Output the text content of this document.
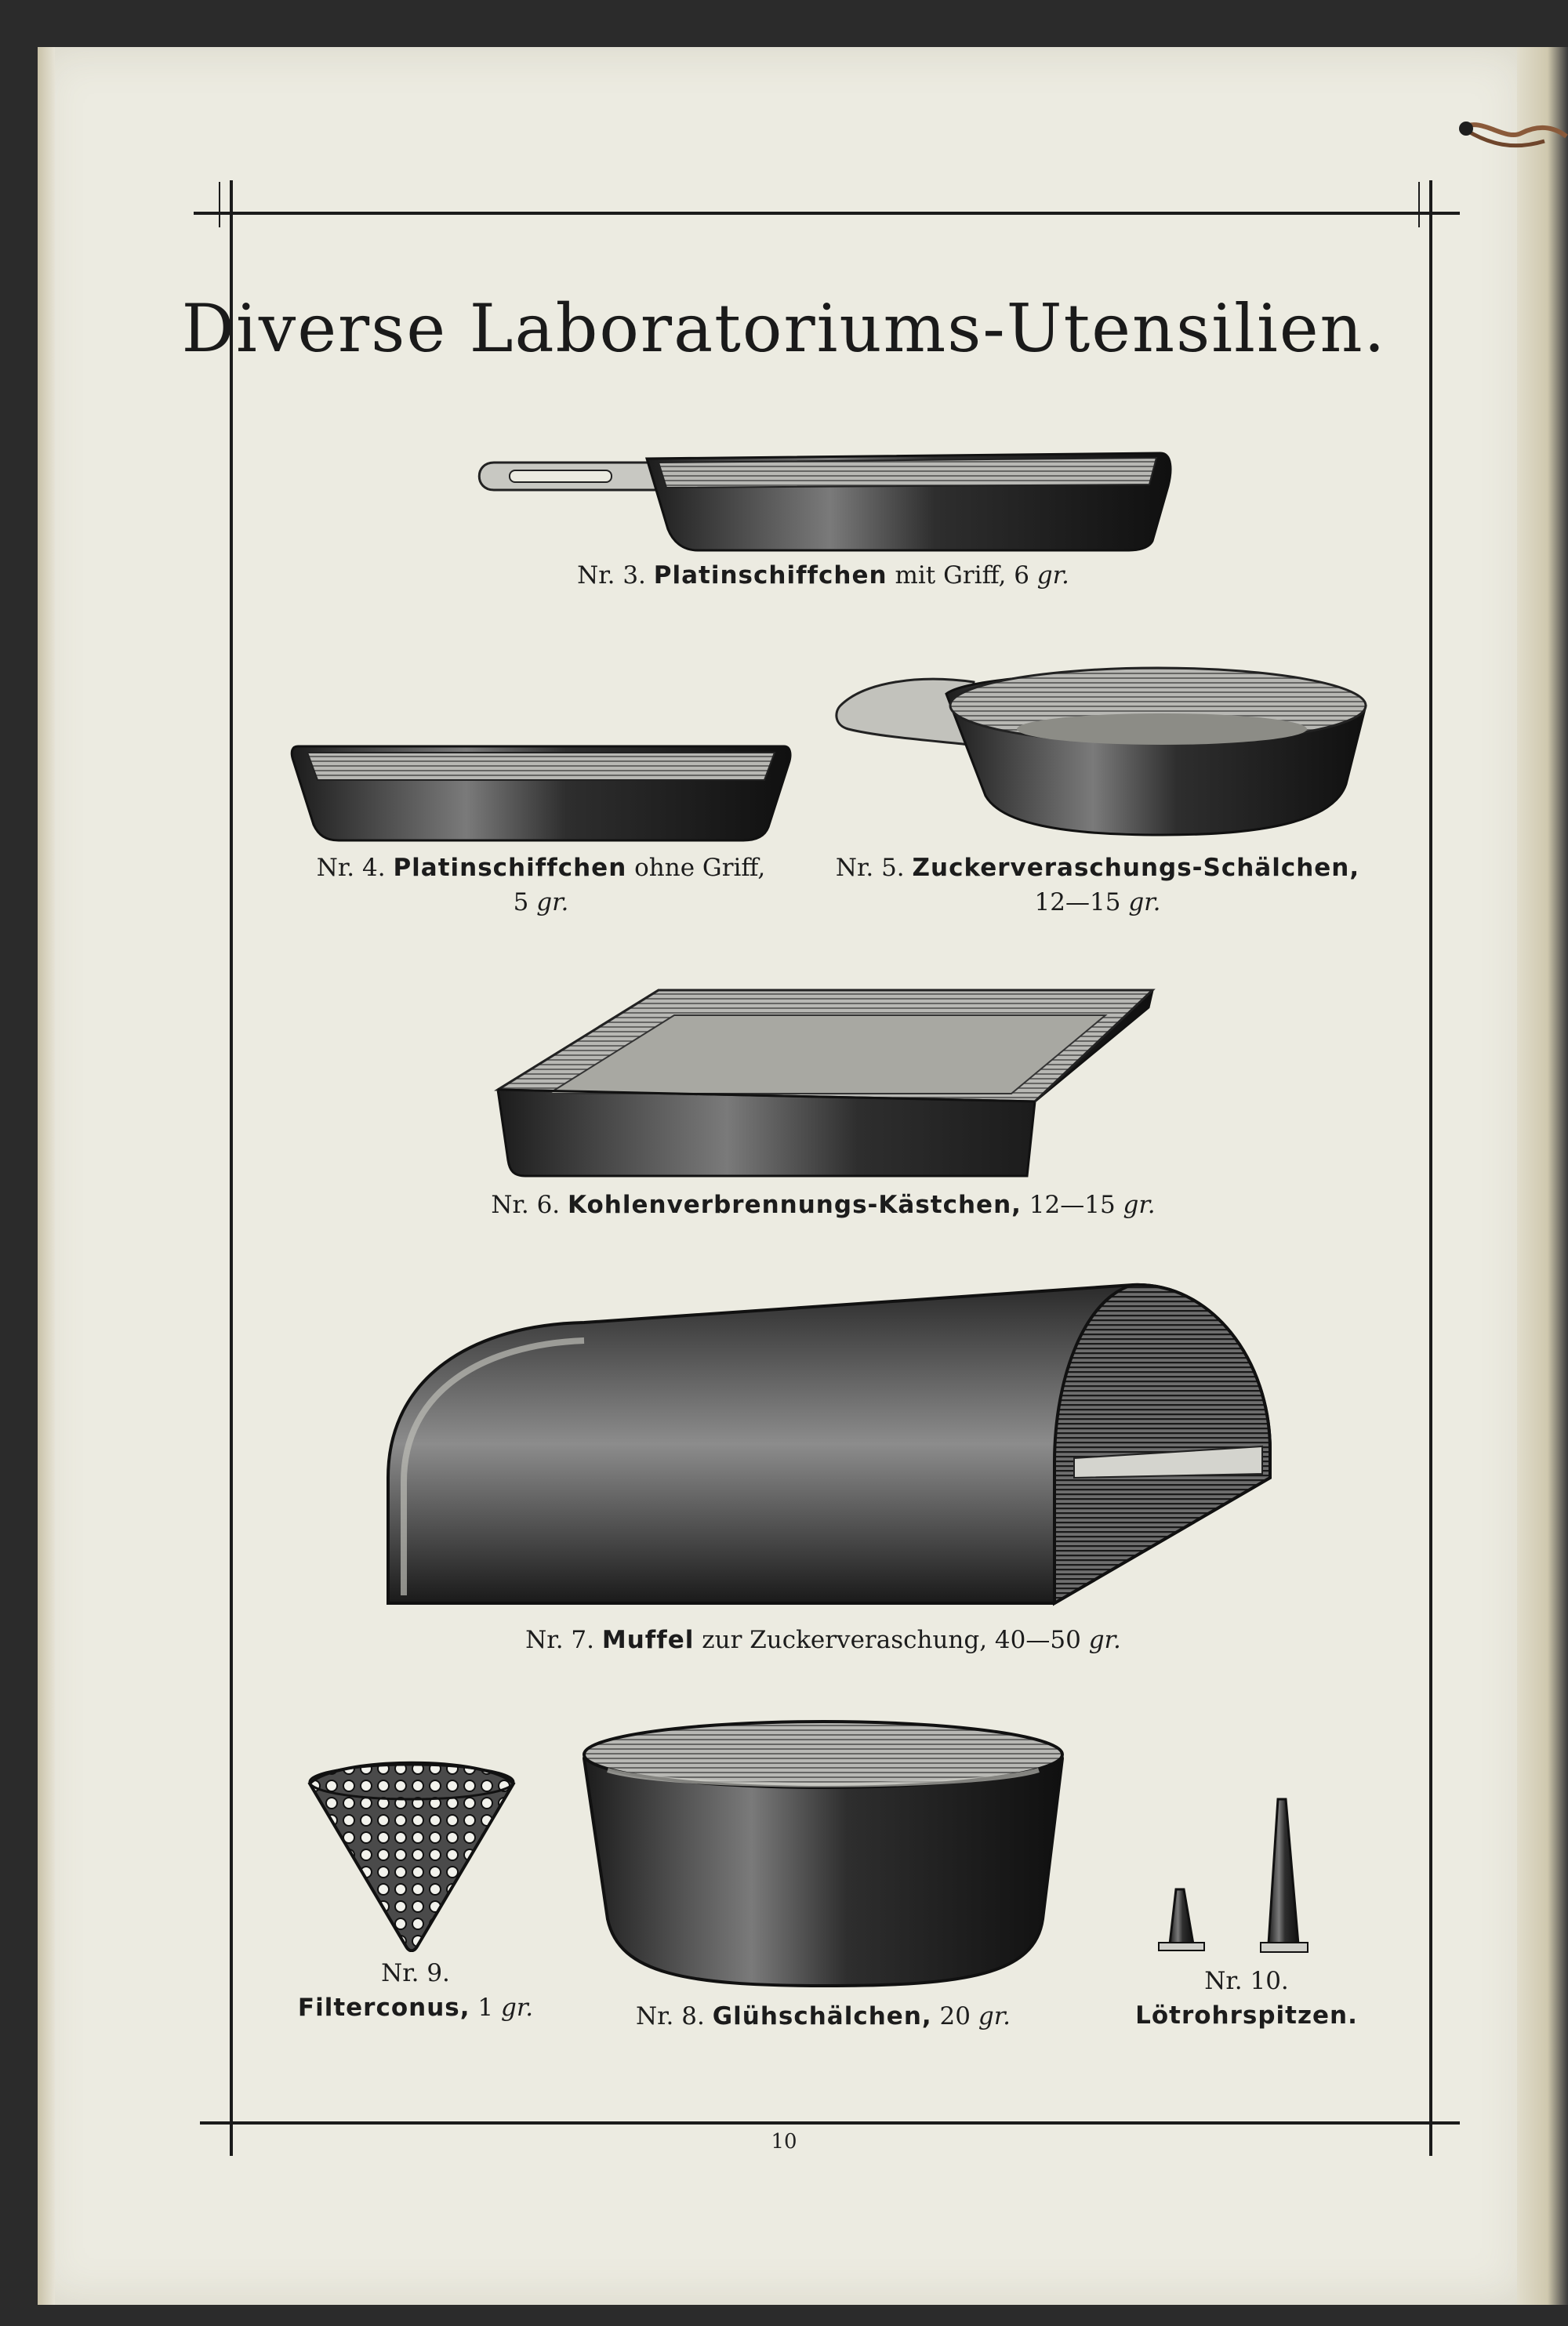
Diverse Laboratoriums-Utensilien.
Nr. 3. Platinschiffchen mit Griff, 6 gr.
Nr. 4. Platinschiffchen ohne Griff,
5 gr.
Nr. 5. Zuckerveraschungs-Schälchen,
12—15 gr.
Nr. 6. Kohlenverbrennungs-Kästchen, 12—15 gr.
Nr. 7. Muffel zur Zuckerveraschung, 40—50 gr.
Nr. 9.
Filterconus, 1 gr.	Nr. 8. Glühschälchen, 20 gr.
Nr. 10.
Lötrohrspitzen.
10
